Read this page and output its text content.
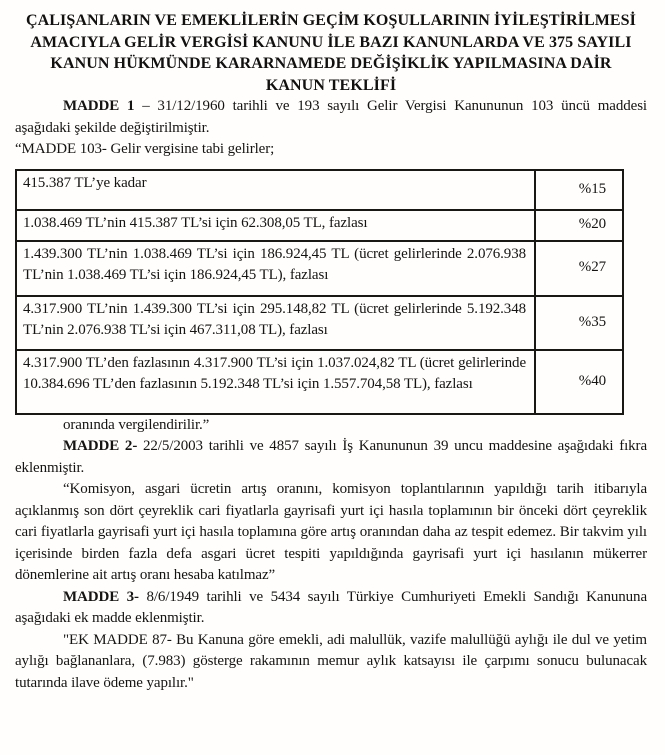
ÇALIŞANLARIN VE EMEKLİLERİN GEÇİM KOŞULLARININ İYİLEŞTİRİLMESİ
AMACIYLA GELİR VERGİSİ KANUNU İLE BAZI KANUNLARDA VE 375 SAYILI
KANUN HÜKMÜNDE KARARNAMEDE DEĞİŞİKLİK YAPILMASINA DAİR
KANUN TEKLİFİ

MADDE 1 – 31/12/1960 tarihli ve 193 sayılı Gelir Vergisi Kanununun 103 üncü maddesi aşağıdaki şekilde değiştirilmiştir.

“MADDE 103- Gelir vergisine tabi gelirler;

415.387 TL’ye kadar	%15
1.038.469 TL’nin 415.387 TL’si için 62.308,05 TL, fazlası	%20
1.439.300 TL’nin 1.038.469 TL’si için 186.924,45 TL (ücret gelirlerinde 2.076.938 TL’nin 1.038.469 TL’si için 186.924,45 TL), fazlası	%27
4.317.900 TL’nin 1.439.300 TL’si için 295.148,82 TL (ücret gelirlerinde 5.192.348 TL’nin 2.076.938 TL’si için 467.311,08 TL), fazlası	%35
4.317.900 TL’den fazlasının 4.317.900 TL’si için 1.037.024,82 TL (ücret gelirlerinde 10.384.696 TL’den fazlasının 5.192.348 TL’si için 1.557.704,58 TL), fazlası	%40

oranında vergilendirilir.”

MADDE 2- 22/5/2003 tarihli ve 4857 sayılı İş Kanununun 39 uncu maddesine aşağıdaki fıkra eklenmiştir.

“Komisyon, asgari ücretin artış oranını, komisyon toplantılarının yapıldığı tarih itibarıyla açıklanmış son dört çeyreklik cari fiyatlarla gayrisafi yurt içi hasıla toplamının bir önceki dört çeyreklik cari fiyatlarla gayrisafi yurt içi hasıla toplamına göre artış oranından daha az tespit edemez. Bir takvim yılı içerisinde birden fazla defa asgari ücret tespiti yapıldığında gayrisafi yurt içi hasılanın mükerrer dönemlerine ait artış oranı hesaba katılmaz”

MADDE 3- 8/6/1949 tarihli ve 5434 sayılı Türkiye Cumhuriyeti Emekli Sandığı Kanununa aşağıdaki ek madde eklenmiştir.

"EK MADDE 87- Bu Kanuna göre emekli, adi malullük, vazife malullüğü aylığı ile dul ve yetim aylığı bağlananlara, (7.983) gösterge rakamının memur aylık katsayısı ile çarpımı sonucu bulunacak tutarında ilave ödeme yapılır."
